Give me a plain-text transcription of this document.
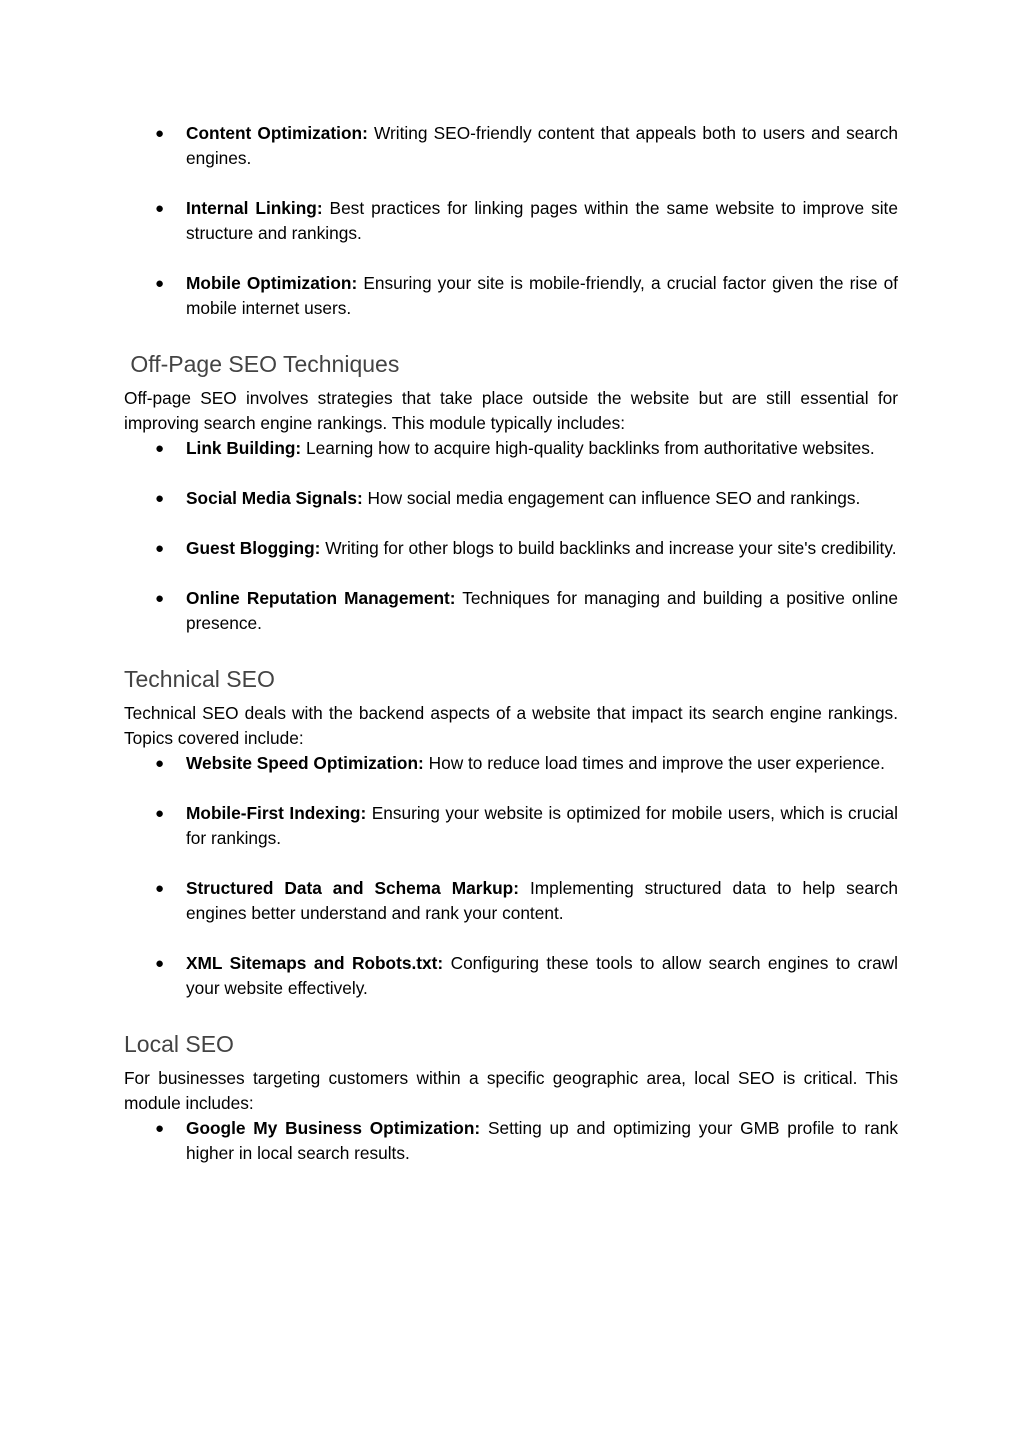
● Content Optimization: Writing SEO-friendly content that appeals both to users and search engines.
● Internal Linking: Best practices for linking pages within the same website to improve site structure and rankings.
● Mobile Optimization: Ensuring your site is mobile-friendly, a crucial factor given the rise of mobile internet users.
Off-Page SEO Techniques

Off-page SEO involves strategies that take place outside the website but are still essential for improving search engine rankings. This module typically includes:

● Link Building: Learning how to acquire high-quality backlinks from authoritative websites.
● Social Media Signals: How social media engagement can influence SEO and rankings.
● Guest Blogging: Writing for other blogs to build backlinks and increase your site's credibility.
● Online Reputation Management: Techniques for managing and building a positive online presence.
Technical SEO

Technical SEO deals with the backend aspects of a website that impact its search engine rankings. Topics covered include:

● Website Speed Optimization: How to reduce load times and improve the user experience.
● Mobile-First Indexing: Ensuring your website is optimized for mobile users, which is crucial for rankings.
● Structured Data and Schema Markup: Implementing structured data to help search engines better understand and rank your content.
● XML Sitemaps and Robots.txt: Configuring these tools to allow search engines to crawl your website effectively.
Local SEO

For businesses targeting customers within a specific geographic area, local SEO is critical. This module includes:

● Google My Business Optimization: Setting up and optimizing your GMB profile to rank higher in local search results.
